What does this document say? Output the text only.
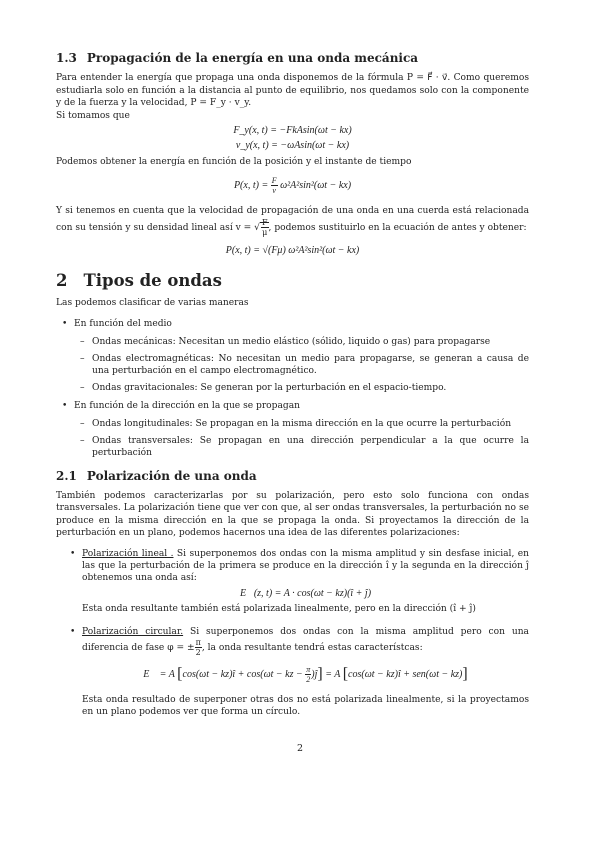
1.3 Propagación de la energía en una onda mecánica

Para entender la energía que propaga una onda disponemos de la fórmula P = F⃗ · v⃗. Como queremos estudiarla solo en función a la distancia al punto de equilibrio, nos quedamos solo con la componente y de la fuerza y la velocidad, P = F_y · v_y.

Si tomamos que

F_y(x, t) = −FkAsin(ωt − kx)
v_y(x, t) = −ωAsin(ωt − kx)

Podemos obtener la energía en función de la posición y el instante de tiempo

P(x, $t) = \frac{F}{v} \omega^2A^2\sin^2(\omega t - kx)$

Y si tenemos en cuenta que la velocidad de propagación de una onda en una cuerda está relacionada con su tensión y su densidad lineal así v = √ $\frac{F}{\mu}$ , podemos sustituirlo en la ecuación de antes y obtener:

P(x, t) = √(Fμ) ω²A²sin²(ωt − kx)
2 Tipos de ondas

Las podemos clasificar de varias maneras

• En función del medio
– Ondas mecánicas: Necesitan un medio elástico (sólido, liquido o gas) para propagarse
– Ondas electromagnéticas: No necesitan un medio para propagarse, se generan a causa de una perturbación en el campo electromagnético.
– Ondas gravitacionales: Se generan por la perturbación en el espacio-tiempo.
• En función de la dirección en la que se propagan
– Ondas longitudinales: Se propagan en la misma dirección en la que ocurre la perturbación
– Ondas transversales: Se propagan en una dirección perpendicular a la que ocurre la perturbación
2.1 Polarización de una onda

También podemos caracterizarlas por su polarización, pero esto solo funciona con ondas transversales. La polarización tiene que ver con que, al ser ondas transversales, la perturbación no se produce en la misma dirección en la que se propaga la onda. Si proyectamos la dirección de la perturbación en un plano, podemos hacernos una idea de las diferentes polarizaciones:

• Polarización lineal . Si superponemos dos ondas con la misma amplitud y sin desfase inicial, en las que la perturbación de la primera se produce en la dirección î y la segunda en la dirección ĵ obtenemos una onda así:

E⃗(z, t) = A · cos(ωt − kz)(î + ĵ)

Esta onda resultante también está polarizada linealmente, pero en la dirección (î + ĵ)

• Polarización circular. Si superponemos dos ondas con la misma amplitud pero con una diferencia de fase φ = ± $\frac{\pi}{2}$ , la onda resultante tendrá estas característcas:

E⃗ = A [cos(ωt − kz)î + cos(ωt − kz − $\frac{\pi}{2}$ )ĵ] = A [cos(ωt − kz)î + sen(ωt − kz)]

Esta onda resultado de superponer otras dos no está polarizada linealmente, si la proyectamos en un plano podemos ver que forma un círculo.

2
